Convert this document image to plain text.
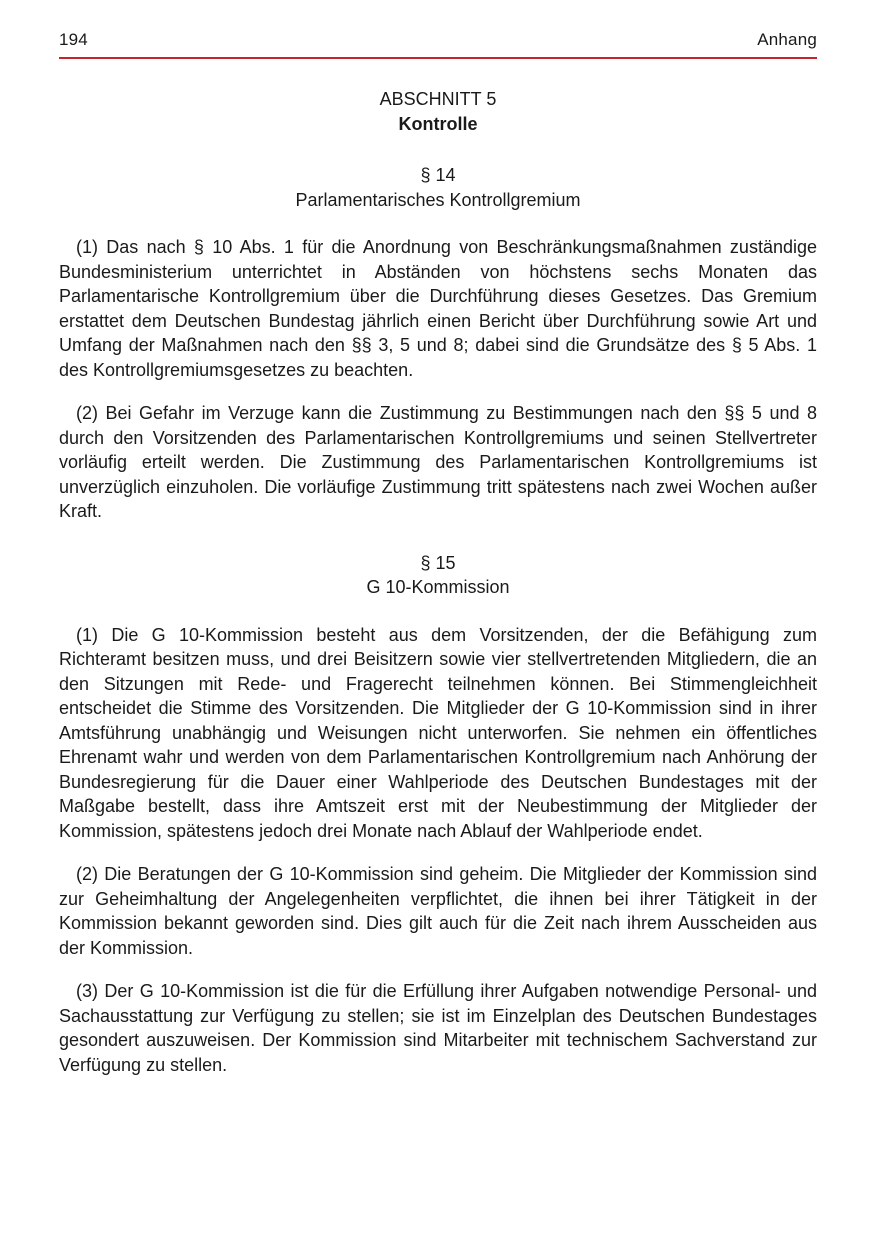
194	Anhang

ABSCHNITT 5

Kontrolle

§ 14

Parlamentarisches Kontrollgremium

(1) Das nach § 10 Abs. 1 für die Anordnung von Beschränkungsmaßnahmen zuständige Bundesministerium unterrichtet in Abständen von höchstens sechs Monaten das Parlamentarische Kontrollgremium über die Durchführung dieses Gesetzes. Das Gremium erstattet dem Deutschen Bundestag jährlich einen Bericht über Durchführung sowie Art und Umfang der Maßnahmen nach den §§ 3, 5 und 8; dabei sind die Grundsätze des § 5 Abs. 1 des Kontrollgremiumsgesetzes zu beachten.

(2) Bei Gefahr im Verzuge kann die Zustimmung zu Bestimmungen nach den §§ 5 und 8 durch den Vorsitzenden des Parlamentarischen Kontrollgremiums und seinen Stellvertreter vorläufig erteilt werden. Die Zustimmung des Parlamentarischen Kontrollgremiums ist unverzüglich einzuholen. Die vorläufige Zustimmung tritt spätestens nach zwei Wochen außer Kraft.

§ 15

G 10-Kommission

(1) Die G 10-Kommission besteht aus dem Vorsitzenden, der die Befähigung zum Richteramt besitzen muss, und drei Beisitzern sowie vier stellvertretenden Mitgliedern, die an den Sitzungen mit Rede- und Fragerecht teilnehmen können. Bei Stimmengleichheit entscheidet die Stimme des Vorsitzenden. Die Mitglieder der G 10-Kommission sind in ihrer Amtsführung unabhängig und Weisungen nicht unterworfen. Sie nehmen ein öffentliches Ehrenamt wahr und werden von dem Parlamentarischen Kontrollgremium nach Anhörung der Bundesregierung für die Dauer einer Wahlperiode des Deutschen Bundestages mit der Maßgabe bestellt, dass ihre Amtszeit erst mit der Neubestimmung der Mitglieder der Kommission, spätestens jedoch drei Monate nach Ablauf der Wahlperiode endet.

(2) Die Beratungen der G 10-Kommission sind geheim. Die Mitglieder der Kommission sind zur Geheimhaltung der Angelegenheiten verpflichtet, die ihnen bei ihrer Tätigkeit in der Kommission bekannt geworden sind. Dies gilt auch für die Zeit nach ihrem Ausscheiden aus der Kommission.

(3) Der G 10-Kommission ist die für die Erfüllung ihrer Aufgaben notwendige Personal- und Sachausstattung zur Verfügung zu stellen; sie ist im Einzelplan des Deutschen Bundestages gesondert auszuweisen. Der Kommission sind Mitarbeiter mit technischem Sachverstand zur Verfügung zu stellen.
